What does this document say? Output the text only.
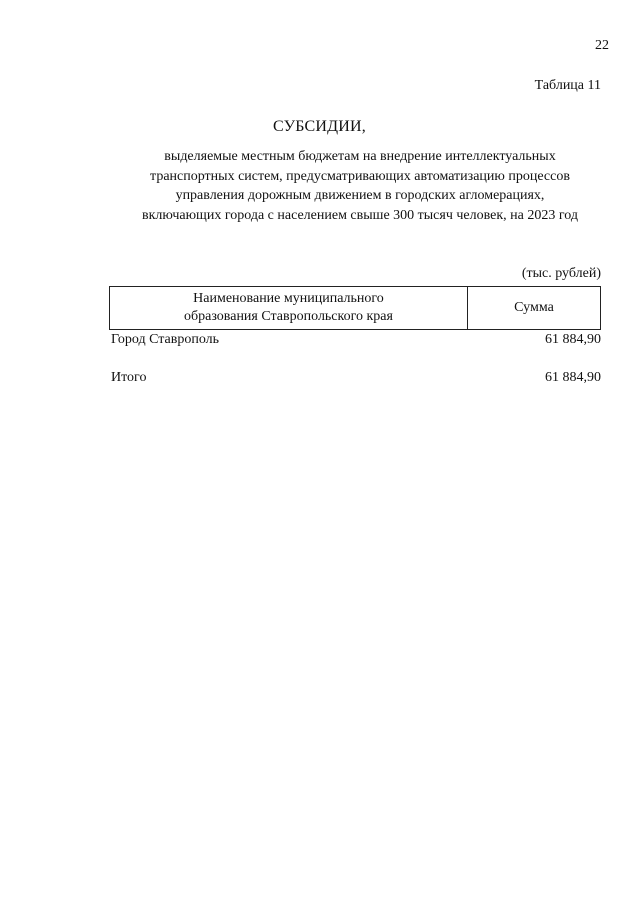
22
Таблица 11
СУБСИДИИ,
выделяемые местным бюджетам на внедрение интеллектуальных
транспортных систем, предусматривающих автоматизацию процессов
управления дорожным движением в городских агломерациях,
включающих города с населением свыше 300 тысяч человек, на 2023 год
(тыс. рублей)
Наименование муниципального
образования Ставропольского края
Сумма
Город Ставрополь	61 884,90
Итого	61 884,90
